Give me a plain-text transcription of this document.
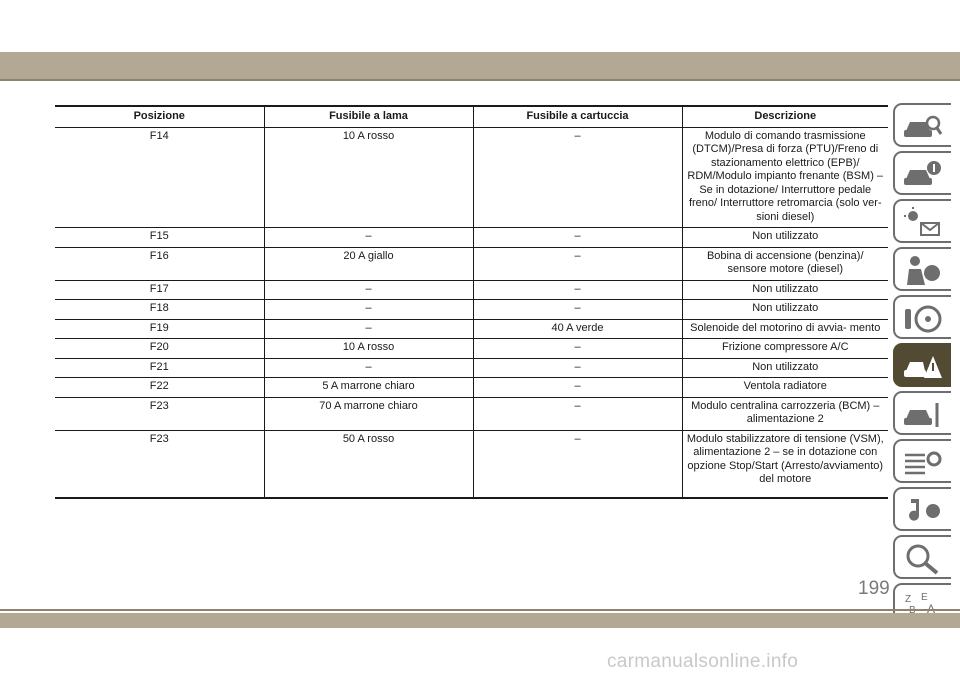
Posizione	Fusibile a lama	Fusibile a cartuccia	Descrizione
F14	10 A rosso	–	Modulo di comando trasmissione (DTCM)/Presa di forza (PTU)/Freno di stazionamento elettrico (EPB)/ RDM/Modulo impianto frenante (BSM) – Se in dotazione/ Interruttore pedale freno/ Interruttore retromarcia (solo ver- sioni diesel)
F15	–	–	Non utilizzato
F16	20 A giallo	–	Bobina di accensione (benzina)/ sensore motore (diesel)
F17	–	–	Non utilizzato
F18	–	–	Non utilizzato
F19	–	40 A verde	Solenoide del motorino di avvia- mento
F20	10 A rosso	–	Frizione compressore A/C
F21	–	–	Non utilizzato
F22	5 A marrone chiaro	–	Ventola radiatore
F23	70 A marrone chiaro	–	Modulo centralina carrozzeria (BCM) – alimentazione 2
F23	50 A rosso	–	Modulo stabilizzatore di tensione (VSM), alimentazione 2 – se in dotazione con opzione Stop/Start (Arresto/avviamento) del motore
Z E
199
carmanualsonline.info
